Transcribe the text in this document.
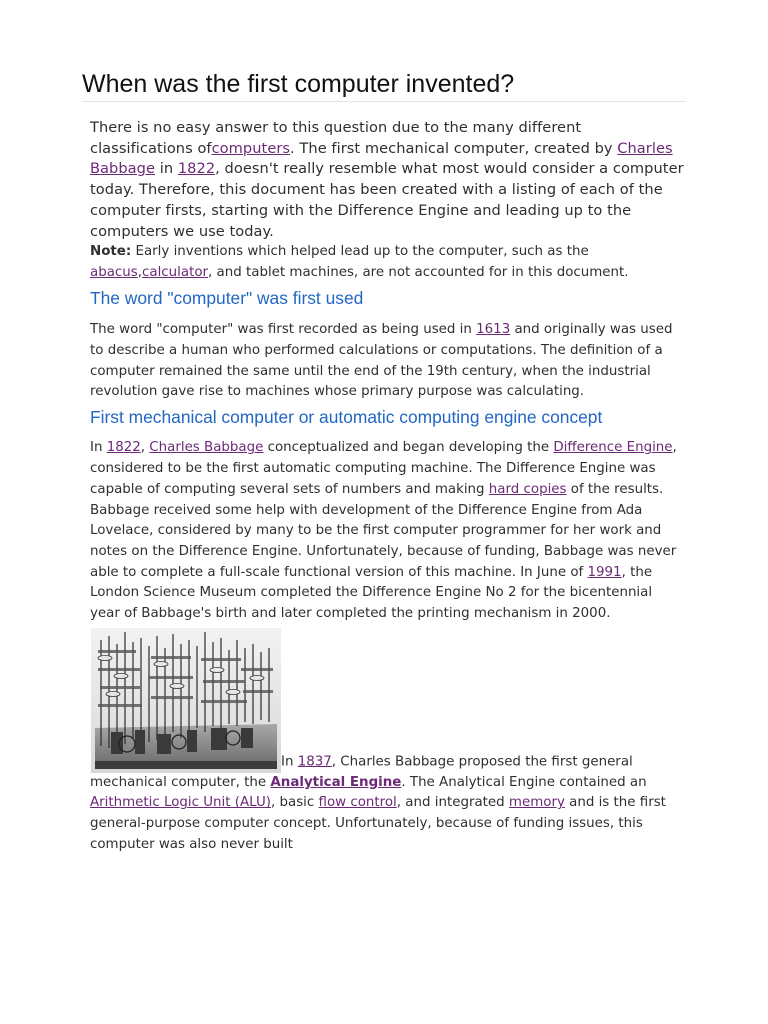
When was the first computer invented?

There is no easy answer to this question due to the many different classifications ofcomputers. The first mechanical computer, created by Charles Babbage in 1822, doesn't really resemble what most would consider a computer today. Therefore, this document has been created with a listing of each of the computer firsts, starting with the Difference Engine and leading up to the computers we use today.

Note: Early inventions which helped lead up to the computer, such as the abacus,calculator, and tablet machines, are not accounted for in this document.

The word "computer" was first used

The word "computer" was first recorded as being used in 1613 and originally was used to describe a human who performed calculations or computations. The definition of a computer remained the same until the end of the 19th century, when the industrial revolution gave rise to machines whose primary purpose was calculating.

First mechanical computer or automatic computing engine concept

In 1822, Charles Babbage conceptualized and began developing the Difference Engine, considered to be the first automatic computing machine. The Difference Engine was capable of computing several sets of numbers and making hard copies of the results. Babbage received some help with development of the Difference Engine from Ada Lovelace, considered by many to be the first computer programmer for her work and notes on the Difference Engine. Unfortunately, because of funding, Babbage was never able to complete a full-scale functional version of this machine. In June of 1991, the London Science Museum completed the Difference Engine No 2 for the bicentennial year of Babbage's birth and later completed the printing mechanism in 2000.

In 1837, Charles Babbage proposed the first general mechanical computer, the Analytical Engine. The Analytical Engine contained an Arithmetic Logic Unit (ALU), basic flow control, and integrated memory and is the first general-purpose computer concept. Unfortunately, because of funding issues, this computer was also never built
